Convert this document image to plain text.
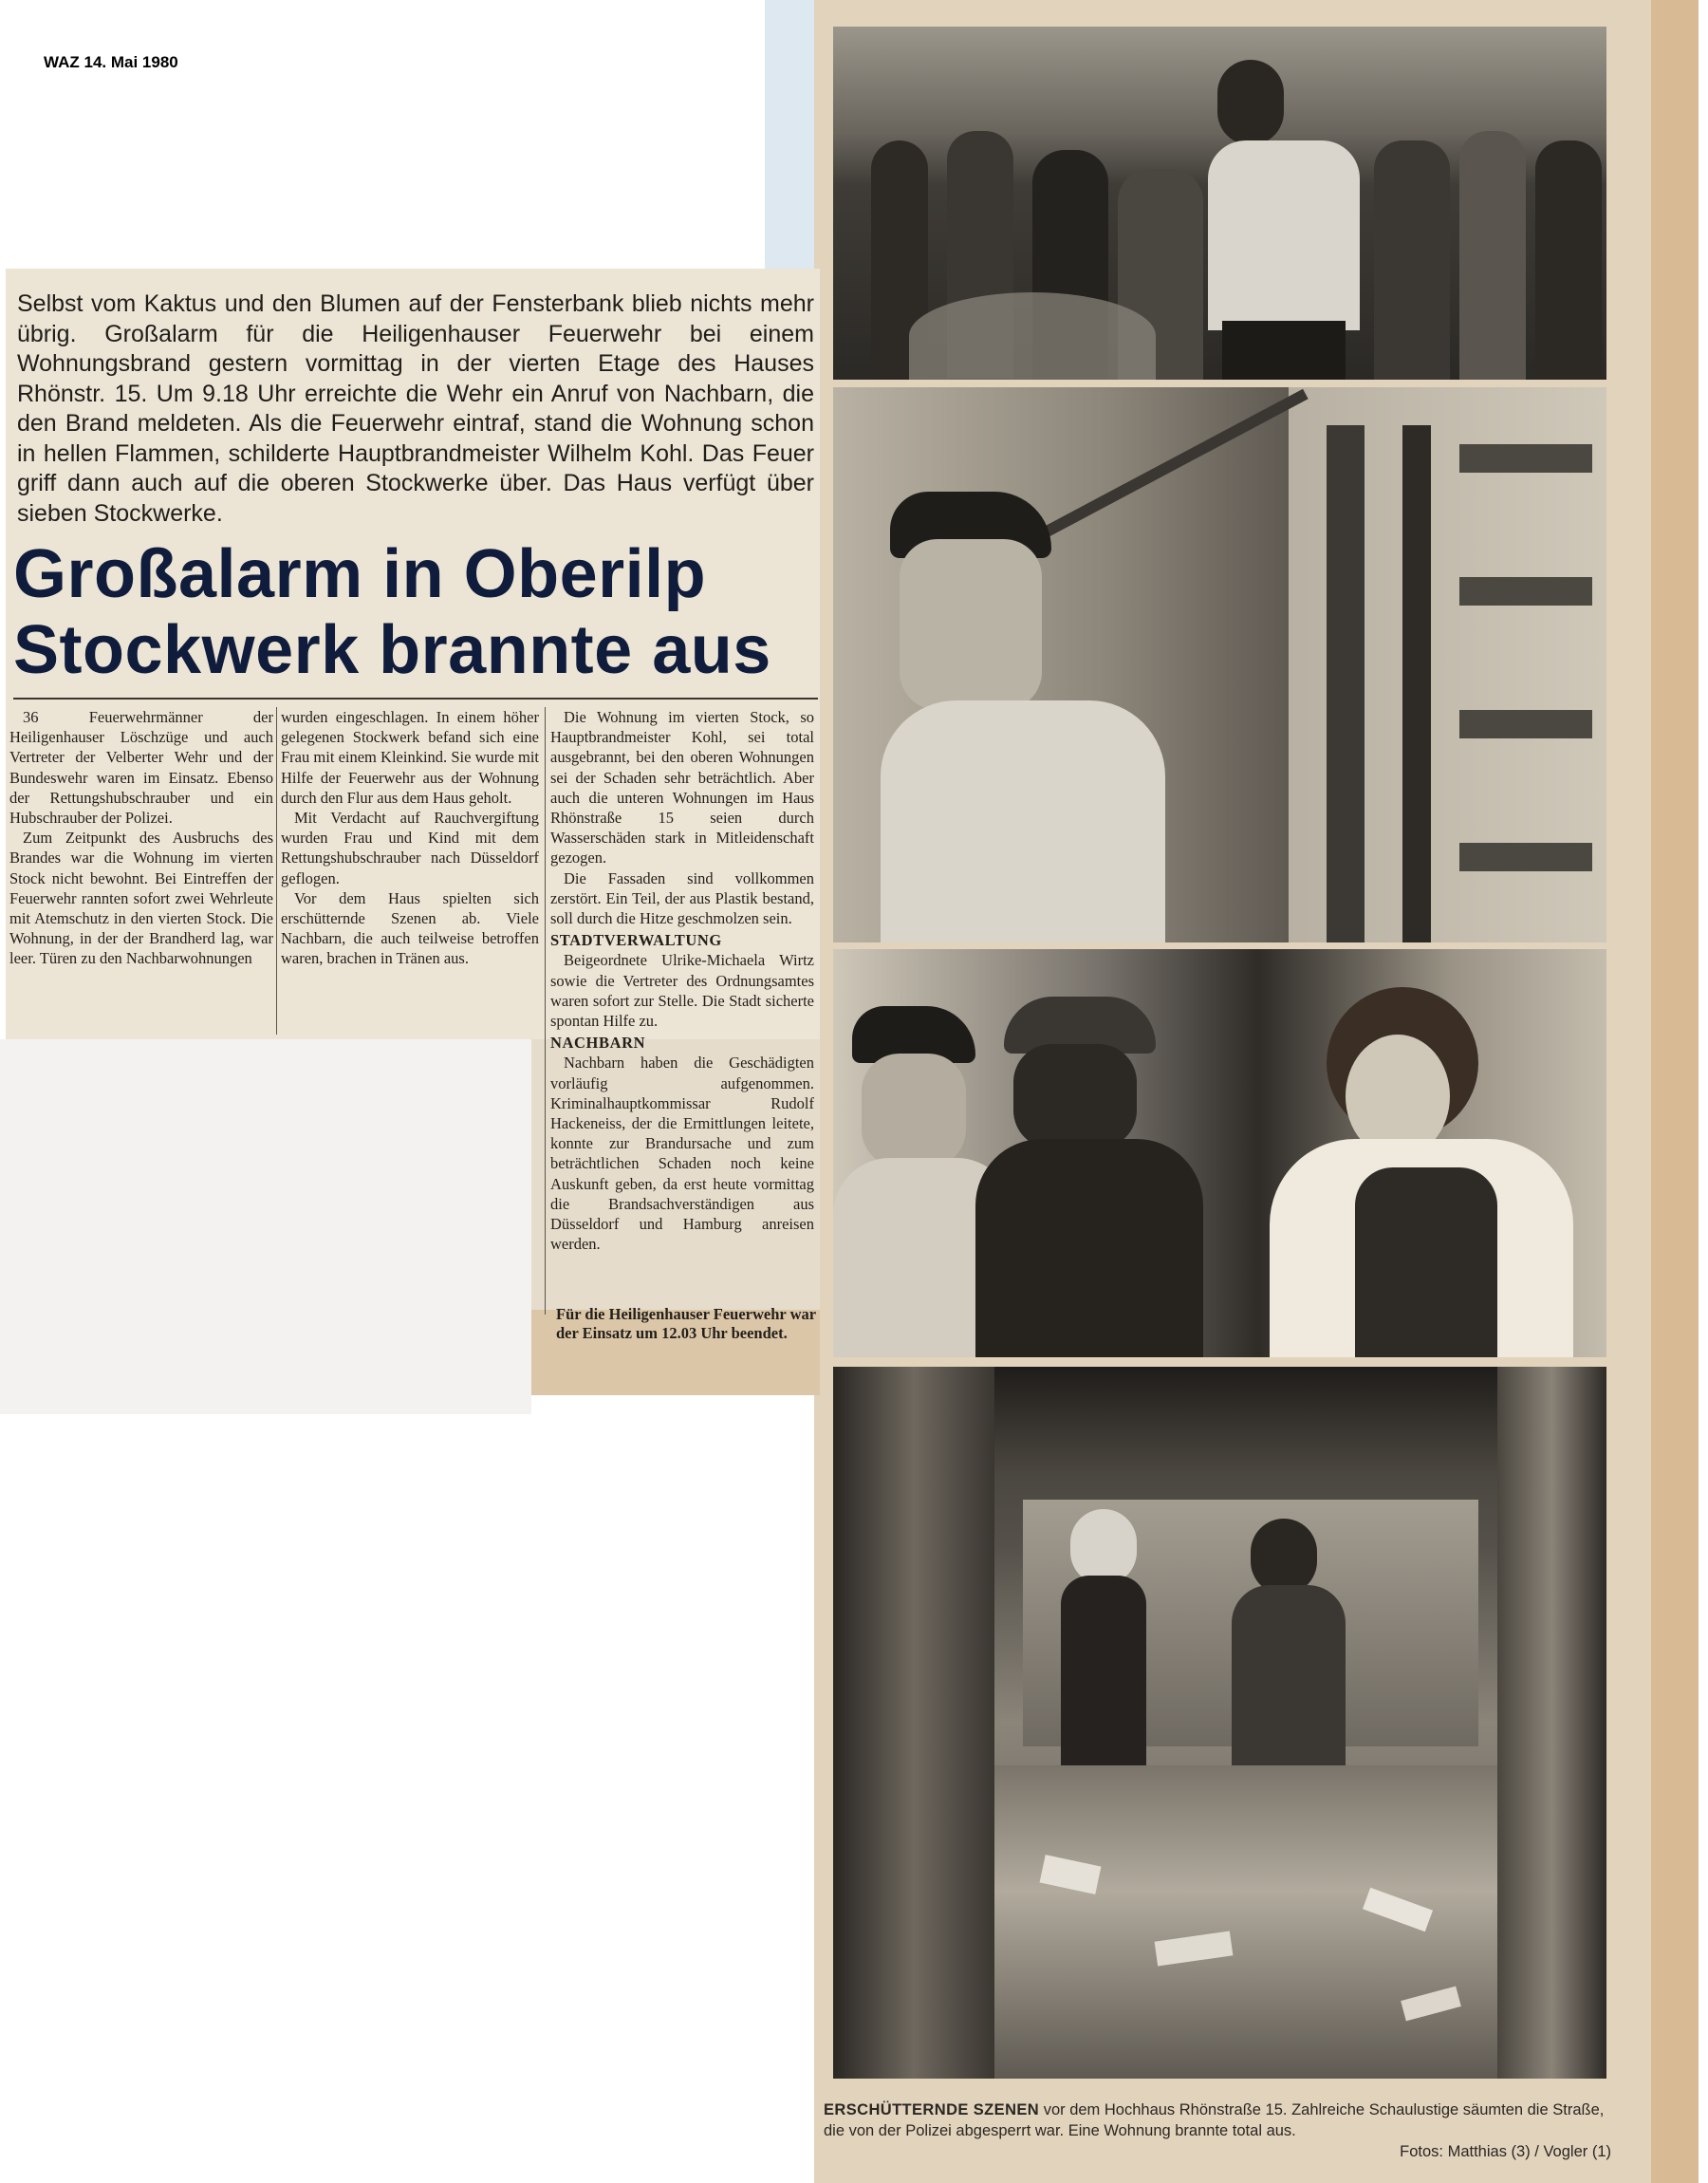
WAZ 14. Mai 1980

Selbst vom Kaktus und den Blumen auf der Fensterbank blieb nichts mehr übrig. Großalarm für die Heiligenhauser Feuerwehr bei einem Wohnungsbrand gestern vormittag in der vierten Etage des Hauses Rhönstr. 15. Um 9.18 Uhr erreichte die Wehr ein Anruf von Nachbarn, die den Brand meldeten. Als die Feuerwehr eintraf, stand die Wohnung schon in hellen Flammen, schilderte Hauptbrandmeister Wilhelm Kohl. Das Feuer griff dann auch auf die oberen Stockwerke über. Das Haus verfügt über sieben Stockwerke.

Großalarm in Oberilp
Stockwerk brannte aus

36 Feuerwehrmänner der Heiligenhauser Löschzüge und auch Vertreter der Velberter Wehr und der Bundeswehr waren im Einsatz. Ebenso der Rettungshubschrauber und ein Hubschrauber der Polizei.

Zum Zeitpunkt des Ausbruchs des Brandes war die Wohnung im vierten Stock nicht bewohnt. Bei Eintreffen der Feuerwehr rannten sofort zwei Wehrleute mit Atemschutz in den vierten Stock. Die Wohnung, in der der Brandherd lag, war leer. Türen zu den Nachbarwohnungen

wurden eingeschlagen. In einem höher gelegenen Stockwerk befand sich eine Frau mit einem Kleinkind. Sie wurde mit Hilfe der Feuerwehr aus der Wohnung durch den Flur aus dem Haus geholt.

Mit Verdacht auf Rauchvergiftung wurden Frau und Kind mit dem Rettungshubschrauber nach Düsseldorf geflogen.

Vor dem Haus spielten sich erschütternde Szenen ab. Viele Nachbarn, die auch teilweise betroffen waren, brachen in Tränen aus.

Die Wohnung im vierten Stock, so Hauptbrandmeister Kohl, sei total ausgebrannt, bei den oberen Wohnungen sei der Schaden sehr beträchtlich. Aber auch die unteren Wohnungen im Haus Rhönstraße 15 seien durch Wasserschäden stark in Mitleidenschaft gezogen.

Die Fassaden sind vollkommen zerstört. Ein Teil, der aus Plastik bestand, soll durch die Hitze geschmolzen sein.

STADTVERWALTUNG

Beigeordnete Ulrike-Michaela Wirtz sowie die Vertreter des Ordnungsamtes waren sofort zur Stelle. Die Stadt sicherte spontan Hilfe zu.

NACHBARN

Nachbarn haben die Geschädigten vorläufig aufgenommen. Kriminalhauptkommissar Rudolf Hackeneiss, der die Ermittlungen leitete, konnte zur Brandursache und zum beträchtlichen Schaden noch keine Auskunft geben, da erst heute vormittag die Brandsachverständigen aus Düsseldorf und Hamburg anreisen werden.

Für die Heiligenhauser Feuerwehr war der Einsatz um 12.03 Uhr beendet.
ERSCHÜTTERNDE SZENEN vor dem Hochhaus Rhönstraße 15. Zahlreiche Schaulustige säumten die Straße, die von der Polizei abgesperrt war. Eine Wohnung brannte total aus.
Fotos: Matthias (3) / Vogler (1)
